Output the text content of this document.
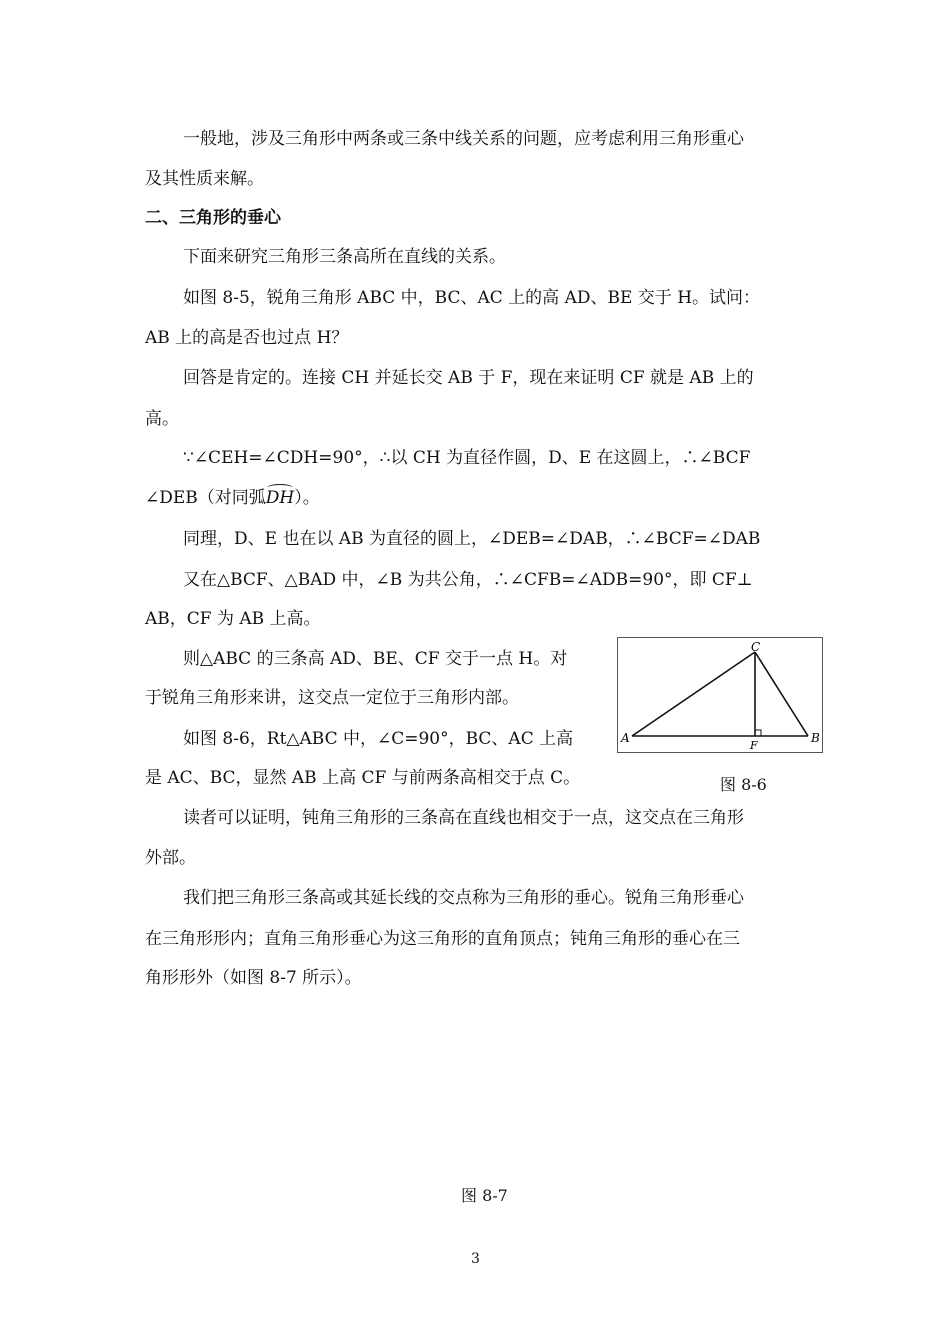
一般地，涉及三角形中两条或三条中线关系的问题，应考虑利用三角形重心
及其性质来解。
二、三角形的垂心
下面来研究三角形三条高所在直线的关系。
如图 8-5，锐角三角形 ABC 中，BC、AC 上的高 AD、BE 交于 H。试问：
AB 上的高是否也过点 H？
回答是肯定的。连接 CH 并延长交 AB 于 F，现在来证明 CF 就是 AB 上的
高。
∵∠CEH=∠CDH=90°，∴以 CH 为直径作圆，D、E 在这圆上，∴∠BCF
∠DEB（对同弧DH）。
同理，D、E 也在以 AB 为直径的圆上，∠DEB=∠DAB，∴∠BCF=∠DAB
又在△BCF、△BAD 中，∠B 为共公角，∴∠CFB=∠ADB=90°，即 CF⊥
AB，CF 为 AB 上高。
则△ABC 的三条高 AD、BE、CF 交于一点 H。对
于锐角三角形来讲，这交点一定位于三角形内部。
如图 8-6，Rt△ABC 中，∠C=90°，BC、AC 上高
是 AC、BC，显然 AB 上高 CF 与前两条高相交于点 C。
C
A	B
F
图 8-6
读者可以证明，钝角三角形的三条高在直线也相交于一点，这交点在三角形
外部。
我们把三角形三条高或其延长线的交点称为三角形的垂心。锐角三角形垂心
在三角形形内；直角三角形垂心为这三角形的直角顶点；钝角三角形的垂心在三
角形形外（如图 8-7 所示）。
图 8-7
3
